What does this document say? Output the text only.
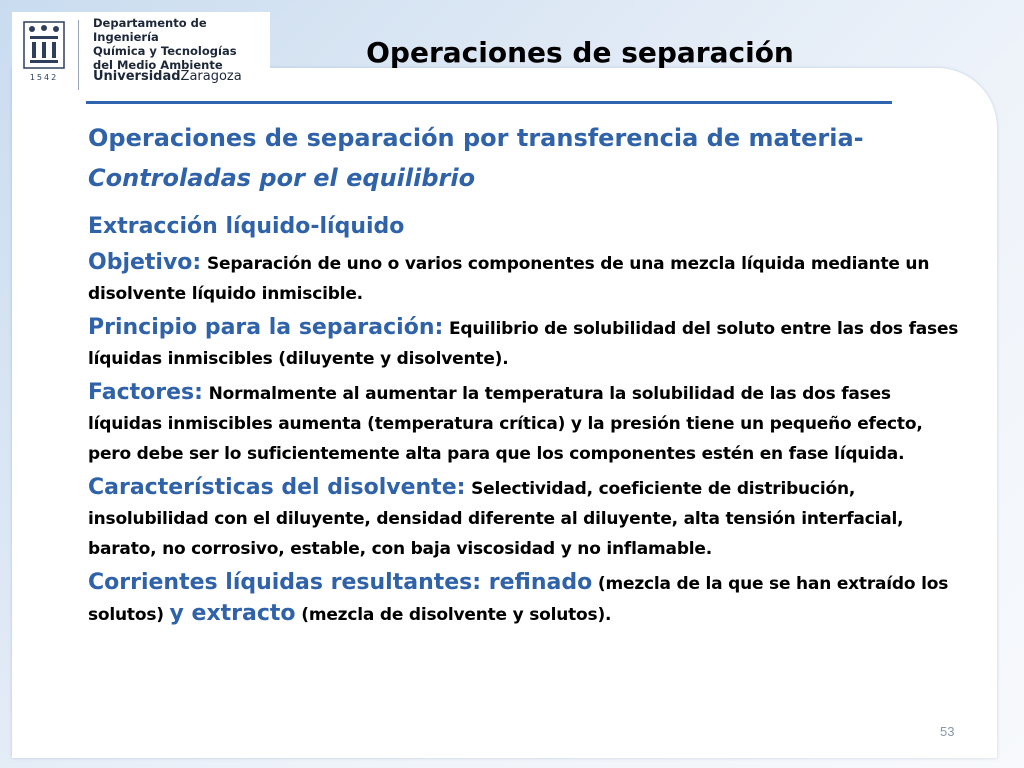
1542
Departamento de Ingeniería
Química y Tecnologías
del Medio Ambiente
UniversidadZaragoza
Operaciones de separación
Operaciones de separación por transferencia de materia-
Controladas por el equilibrio

Extracción líquido-líquido

Objetivo: Separación de uno o varios componentes de una mezcla líquida mediante un disolvente líquido inmiscible.

Principio para la separación: Equilibrio de solubilidad del soluto entre las dos fases líquidas inmiscibles (diluyente y disolvente).

Factores: Normalmente al aumentar la temperatura la solubilidad de las dos fases líquidas inmiscibles aumenta (temperatura crítica) y la presión tiene un pequeño efecto, pero debe ser lo suficientemente alta para que los componentes estén en fase líquida.

Características del disolvente: Selectividad, coeficiente de distribución, insolubilidad con el diluyente, densidad diferente al diluyente, alta tensión interfacial, barato, no corrosivo, estable, con baja viscosidad y no inflamable.

Corrientes líquidas resultantes: refinado (mezcla de la que se han extraído los solutos) y extracto (mezcla de disolvente y solutos).

53
